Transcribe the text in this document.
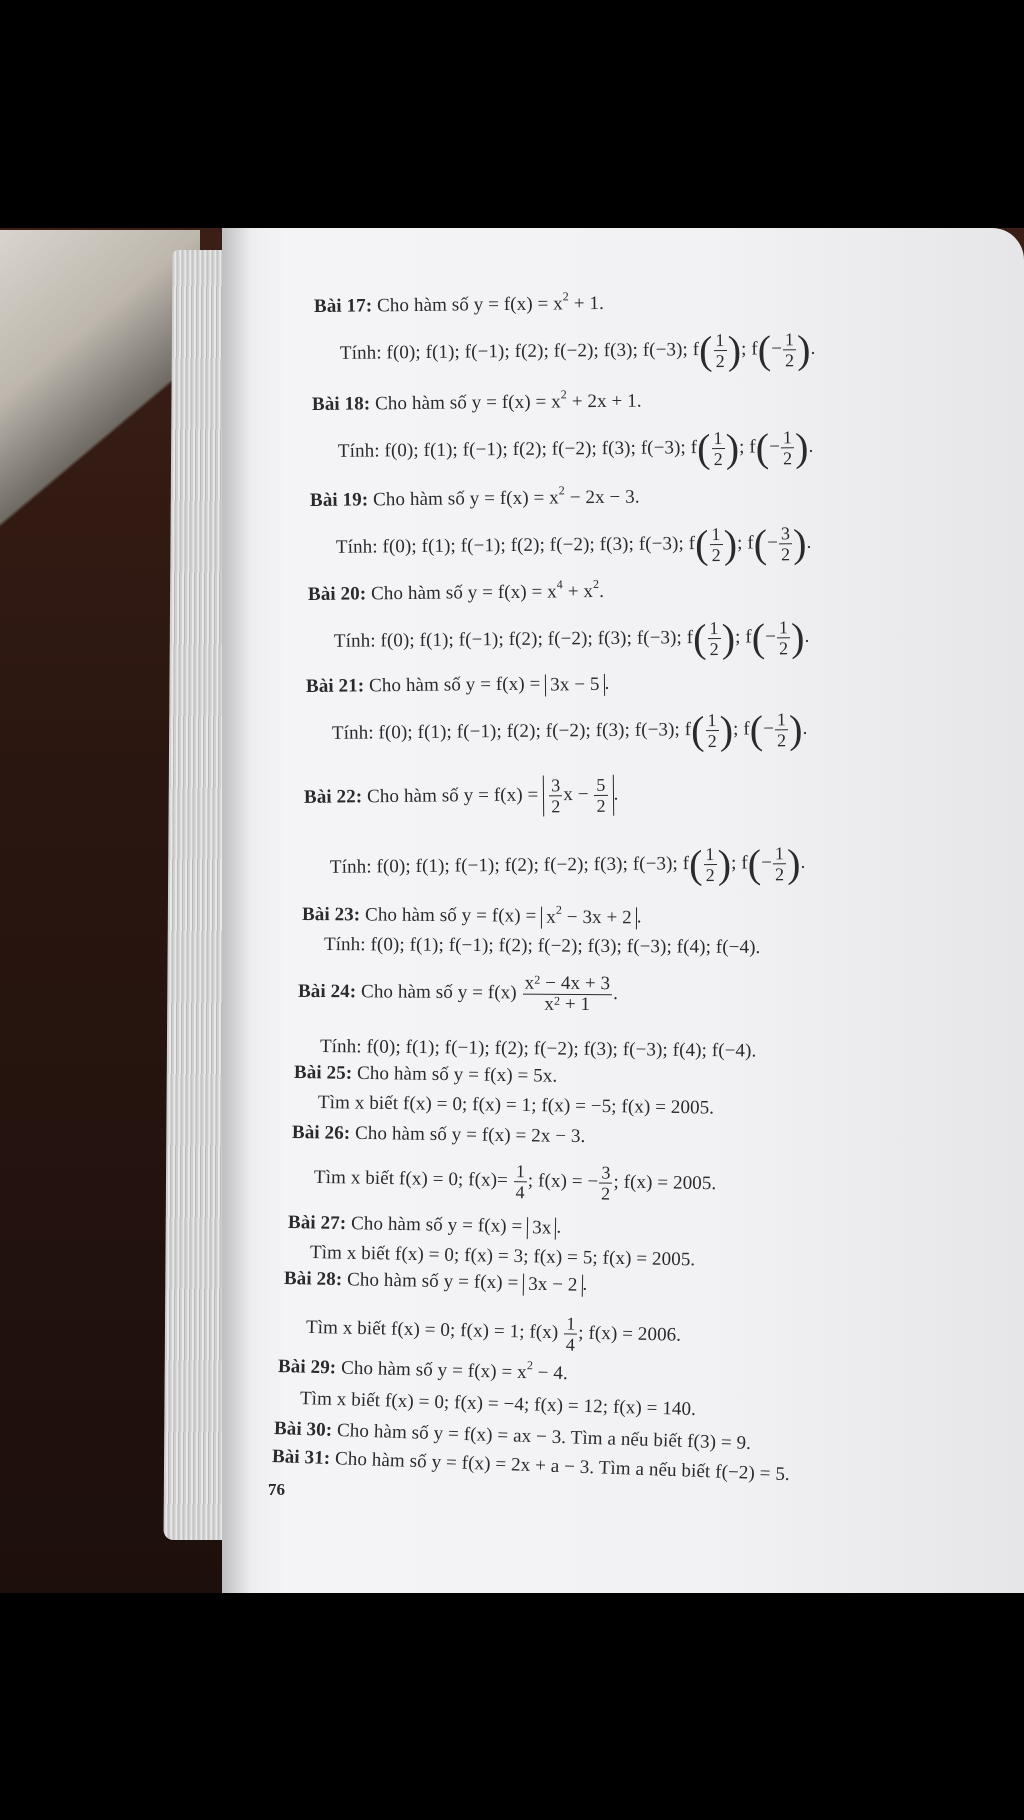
Bài 17: Cho hàm số $y = f(x) = x^2 + 1$.
Tính: f(0); f(1); f(−1); f(2); f(−2); f(3); f(−3); $f( \frac{1}{2}$ ); $f(- \frac{1}{2}$ ).
Bài 18: Cho hàm số $y = f(x) = x^2 + 2x + 1$.
Tính: f(0); f(1); f(−1); f(2); f(−2); f(3); f(−3); $f( \frac{1}{2}$ ); $f(- \frac{1}{2}$ ).
Bài 19: Cho hàm số $y = f(x) = x^2 - 2x - 3$.
Tính: f(0); f(1); f(−1); f(2); f(−2); f(3); f(−3); $f( \frac{1}{2}$ ); $f(- \frac{3}{2}$ ).
Bài 20: Cho hàm số $y = f(x) = x^4 + x^2$.
Tính: f(0); f(1); f(−1); f(2); f(−2); f(3); f(−3); $f( \frac{1}{2}$ ); $f(- \frac{1}{2}$ ).
Bài 21: Cho hàm số y = f(x) = 3x − 5 .
Tính: f(0); f(1); f(−1); f(2); f(−2); f(3); f(−3); $f( \frac{1}{2}$ ); $f(- \frac{1}{2}$ ).
Bài 22: Cho hàm số $y = f(x) = \frac{3}{2}$ $x - \frac{5}{2}$ .
Tính: f(0); f(1); f(−1); f(2); f(−2); f(3); f(−3); $f( \frac{1}{2}$ ); $f(- \frac{1}{2}$ ).
Bài 23: Cho hàm số $y = f(x) = x^2 - 3x + 2$ .
Tính: f(0); f(1); f(−1); f(2); f(−2); f(3); f(−3); f(4); f(−4).
Bài 24: Cho hàm số $y = f(x) \frac{x^2 - 4x + 3}{x^2 + 1}$ .
Tính: f(0); f(1); f(−1); f(2); f(−2); f(3); f(−3); f(4); f(−4).
Bài 25: Cho hàm số y = f(x) = 5x.
Tìm x biết f(x) = 0; f(x) = 1; f(x) = −5; f(x) = 2005.
Bài 26: Cho hàm số y = f(x) = 2x − 3.
Tìm x biết f(x) = 0; $f(x)= \frac{1}{4}$ ; f(x) = − $\frac{3}{2}$ ; f(x) = 2005.
Bài 27: Cho hàm số y = f(x) = 3x .
Tìm x biết f(x) = 0; f(x) = 3; f(x) = 5; f(x) = 2005.
Bài 28: Cho hàm số y = f(x) = 3x − 2 .
Tìm x biết f(x) = 0; f(x) = 1; $f(x) \frac{1}{4}$ ; f(x) = 2006.
Bài 29: Cho hàm số $y = f(x) = x^2 - 4$.
Tìm x biết f(x) = 0; f(x) = −4; f(x) = 12; f(x) = 140.
Bài 30: Cho hàm số y = f(x) = ax − 3. Tìm a nếu biết f(3) = 9.
Bài 31: Cho hàm số y = f(x) = 2x + a − 3. Tìm a nếu biết f(−2) = 5.
76
